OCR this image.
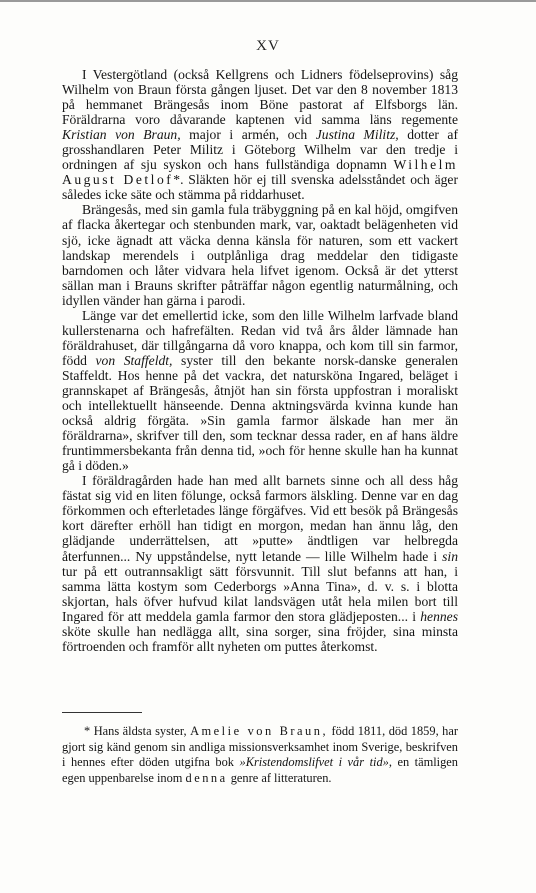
XV

I Vestergötland (också Kellgrens och Lidners födelseprovins) såg Wilhelm von Braun första gången ljuset. Det var den 8 november 1813 på hemmanet Brängesås inom Böne pastorat af Elfsborgs län. Föräldrarna voro dåvarande kaptenen vid samma läns regemente Kristian von Braun, major i armén, och Justina Militz, dotter af grosshandlaren Peter Militz i Göteborg Wilhelm var den tredje i ordningen af sju syskon och hans fullständiga dopnamn Wilhelm August Detlof*. Släkten hör ej till svenska adelsståndet och äger således icke säte och stämma på riddarhuset.

Brängesås, med sin gamla fula träbyggning på en kal höjd, omgifven af flacka åkertegar och stenbunden mark, var, oaktadt belägenheten vid sjö, icke ägnadt att väcka denna känsla för naturen, som ett vackert landskap merendels i outplånliga drag meddelar den tidigaste barndomen och låter vidvara hela lifvet igenom. Också är det ytterst sällan man i Brauns skrifter påträffar någon egentlig naturmålning, och idyllen vänder han gärna i parodi.

Länge var det emellertid icke, som den lille Wilhelm larfvade bland kullerstenarna och hafrefälten. Redan vid två års ålder lämnade han föräldrahuset, där tillgångarna då voro knappa, och kom till sin farmor, född von Staffeldt, syster till den bekante norsk-danske generalen Staffeldt. Hos henne på det vackra, det natursköna Ingared, beläget i grannskapet af Brängesås, åtnjöt han sin första uppfostran i moraliskt och intellektuellt hänseende. Denna aktningsvärda kvinna kunde han också aldrig förgäta. »Sin gamla farmor älskade han mer än föräldrarna», skrifver till den, som tecknar dessa rader, en af hans äldre fruntimmersbekanta från denna tid, »och för henne skulle han ha kunnat gå i döden.»

I föräldragården hade han med allt barnets sinne och all dess håg fästat sig vid en liten fölunge, också farmors älskling. Denne var en dag förkommen och efterletades länge förgäfves. Vid ett besök på Brängesås kort därefter erhöll han tidigt en morgon, medan han ännu låg, den glädjande underrättelsen, att »putte» ändtligen var helbregda återfunnen... Ny uppståndelse, nytt letande — lille Wilhelm hade i sin tur på ett outrannsakligt sätt försvunnit. Till slut befanns att han, i samma lätta kostym som Cederborgs »Anna Tina», d. v. s. i blotta skjortan, hals öfver hufvud kilat landsvägen utåt hela milen bort till Ingared för att meddela gamla farmor den stora glädjeposten... i hennes sköte skulle han nedlägga allt, sina sorger, sina fröjder, sina minsta förtroenden och framför allt nyheten om puttes återkomst.

* Hans äldsta syster, Amelie von Braun, född 1811, död 1859, har gjort sig känd genom sin andliga missionsverksamhet inom Sverige, beskrifven i hennes efter döden utgifna bok »Kristendomslifvet i vår tid», en tämligen egen uppenbarelse inom denna genre af litteraturen.
